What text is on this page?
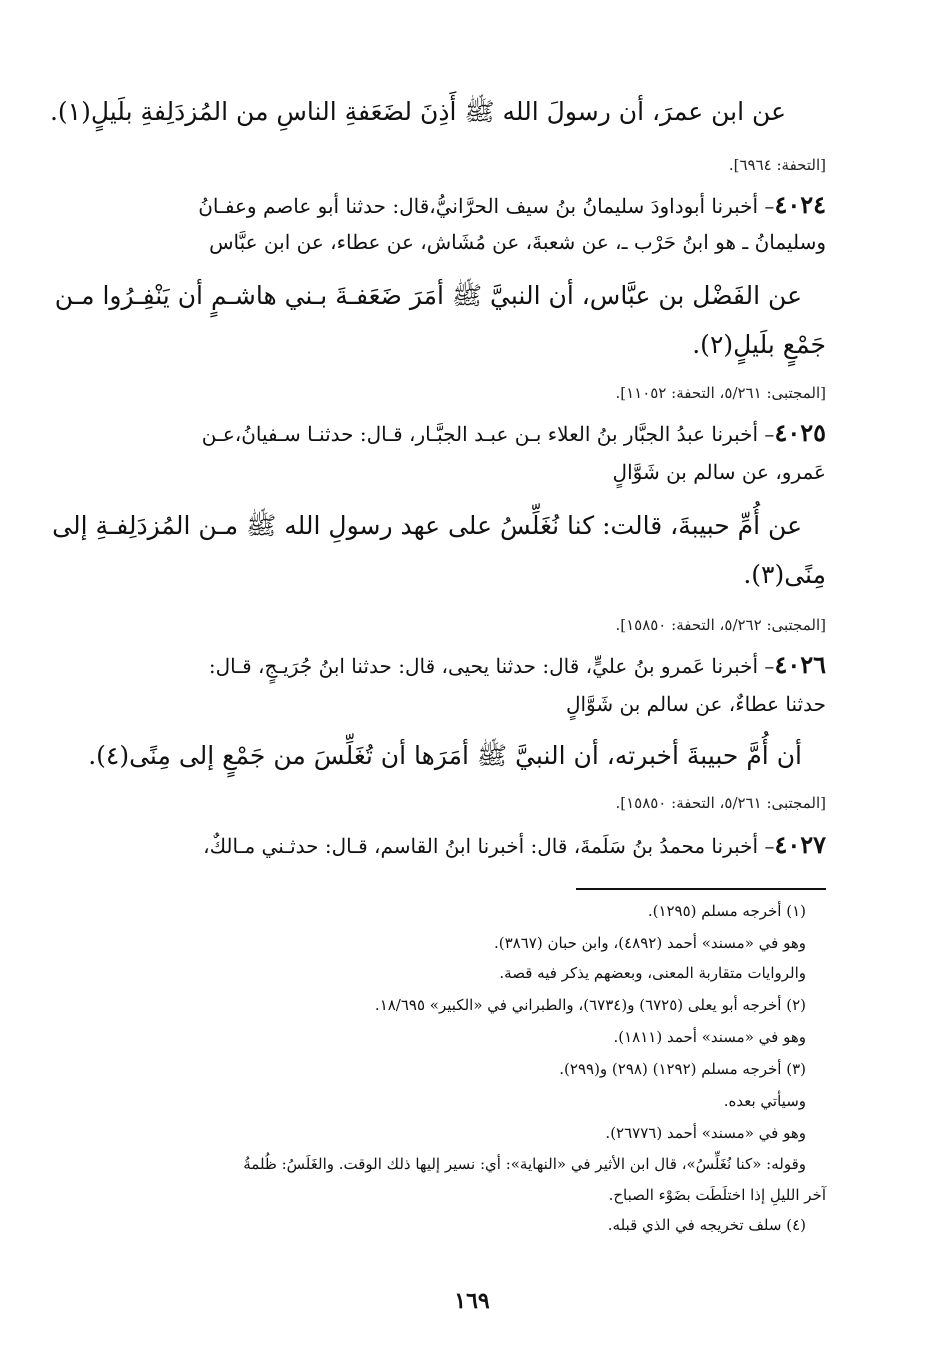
عن ابن عمرَ، أن رسولَ الله ﷺ أَذِنَ لضَعَفةِ الناسِ من المُزدَلِفةِ بلَيلٍ(١).
[التحفة: ٦٩٦٤].
٤٠٢٤– أخبرنا أبوداودَ سليمانُ بنُ سيف الحرَّانيُّ،قال: حدثنا أبو عاصم وعفـانُ
وسليمانُ ـ هو ابنُ حَرْب ـ، عن شعبةَ، عن مُشَاش، عن عطاء، عن ابن عبَّاس
عن الفَضْل بن عبَّاس، أن النبيَّ ﷺ أمَرَ ضَعَفـةَ بـني هاشـمٍ أن يَنْفِـرُوا مـن
جَمْعٍ بلَيلٍ(٢).
[المجتبى: ٥/٢٦١، التحفة: ١١٠٥٢].
٤٠٢٥– أخبرنا عبدُ الجبَّار بنُ العلاء بـن عبـد الجبَّـار، قـال: حدثنـا سـفيانُ،عـن
عَمرو، عن سالم بن شَوَّالٍ
عن أُمِّ حبيبةَ، قالت: كنا نُغَلِّسُ على عهد رسولِ الله ﷺ مـن المُزدَلِفـةِ إلى
مِنًى(٣).
[المجتبى: ٥/٢٦٢، التحفة: ١٥٨٥٠].
٤٠٢٦– أخبرنا عَمرو بنُ عليٍّ، قال: حدثنا يحيى، قال: حدثنا ابنُ جُرَيـجٍ، قـال:
حدثنا عطاءٌ، عن سالم بن شَوَّالٍ
أن أُمَّ حبيبةَ أخبرته، أن النبيَّ ﷺ أمَرَها أن تُغَلِّسَ من جَمْعٍ إلى مِنًى(٤).
[المجتبى: ٥/٢٦١، التحفة: ١٥٨٥٠].
٤٠٢٧– أخبرنا محمدُ بنُ سَلَمةَ، قال: أخبرنا ابنُ القاسم، قـال: حدثـني مـالكٌ،
(١) أخرجه مسلم (١٢٩٥).
وهو في «مسند» أحمد (٤٨٩٢)، وابن حبان (٣٨٦٧).
والروايات متقاربة المعنى، وبعضهم يذكر فيه قصة.
(٢) أخرجه أبو يعلى (٦٧٢٥) و(٦٧٣٤)، والطبراني في «الكبير» ١٨/٦٩٥.
وهو في «مسند» أحمد (١٨١١).
(٣) أخرجه مسلم (١٢٩٢) (٢٩٨) و(٢٩٩).
وسيأتي بعده.
وهو في «مسند» أحمد (٢٦٧٧٦).
وقوله: «كنا نُغَلِّسُ»، قال ابن الأثير في «النهاية»: أي: نسير إليها ذلك الوقت. والغَلَسُ: ظُلمةُ
آخر الليلِ إذا اختلَطَت بضَوْء الصباح.
(٤) سلف تخريجه في الذي قبله.
١٦٩
